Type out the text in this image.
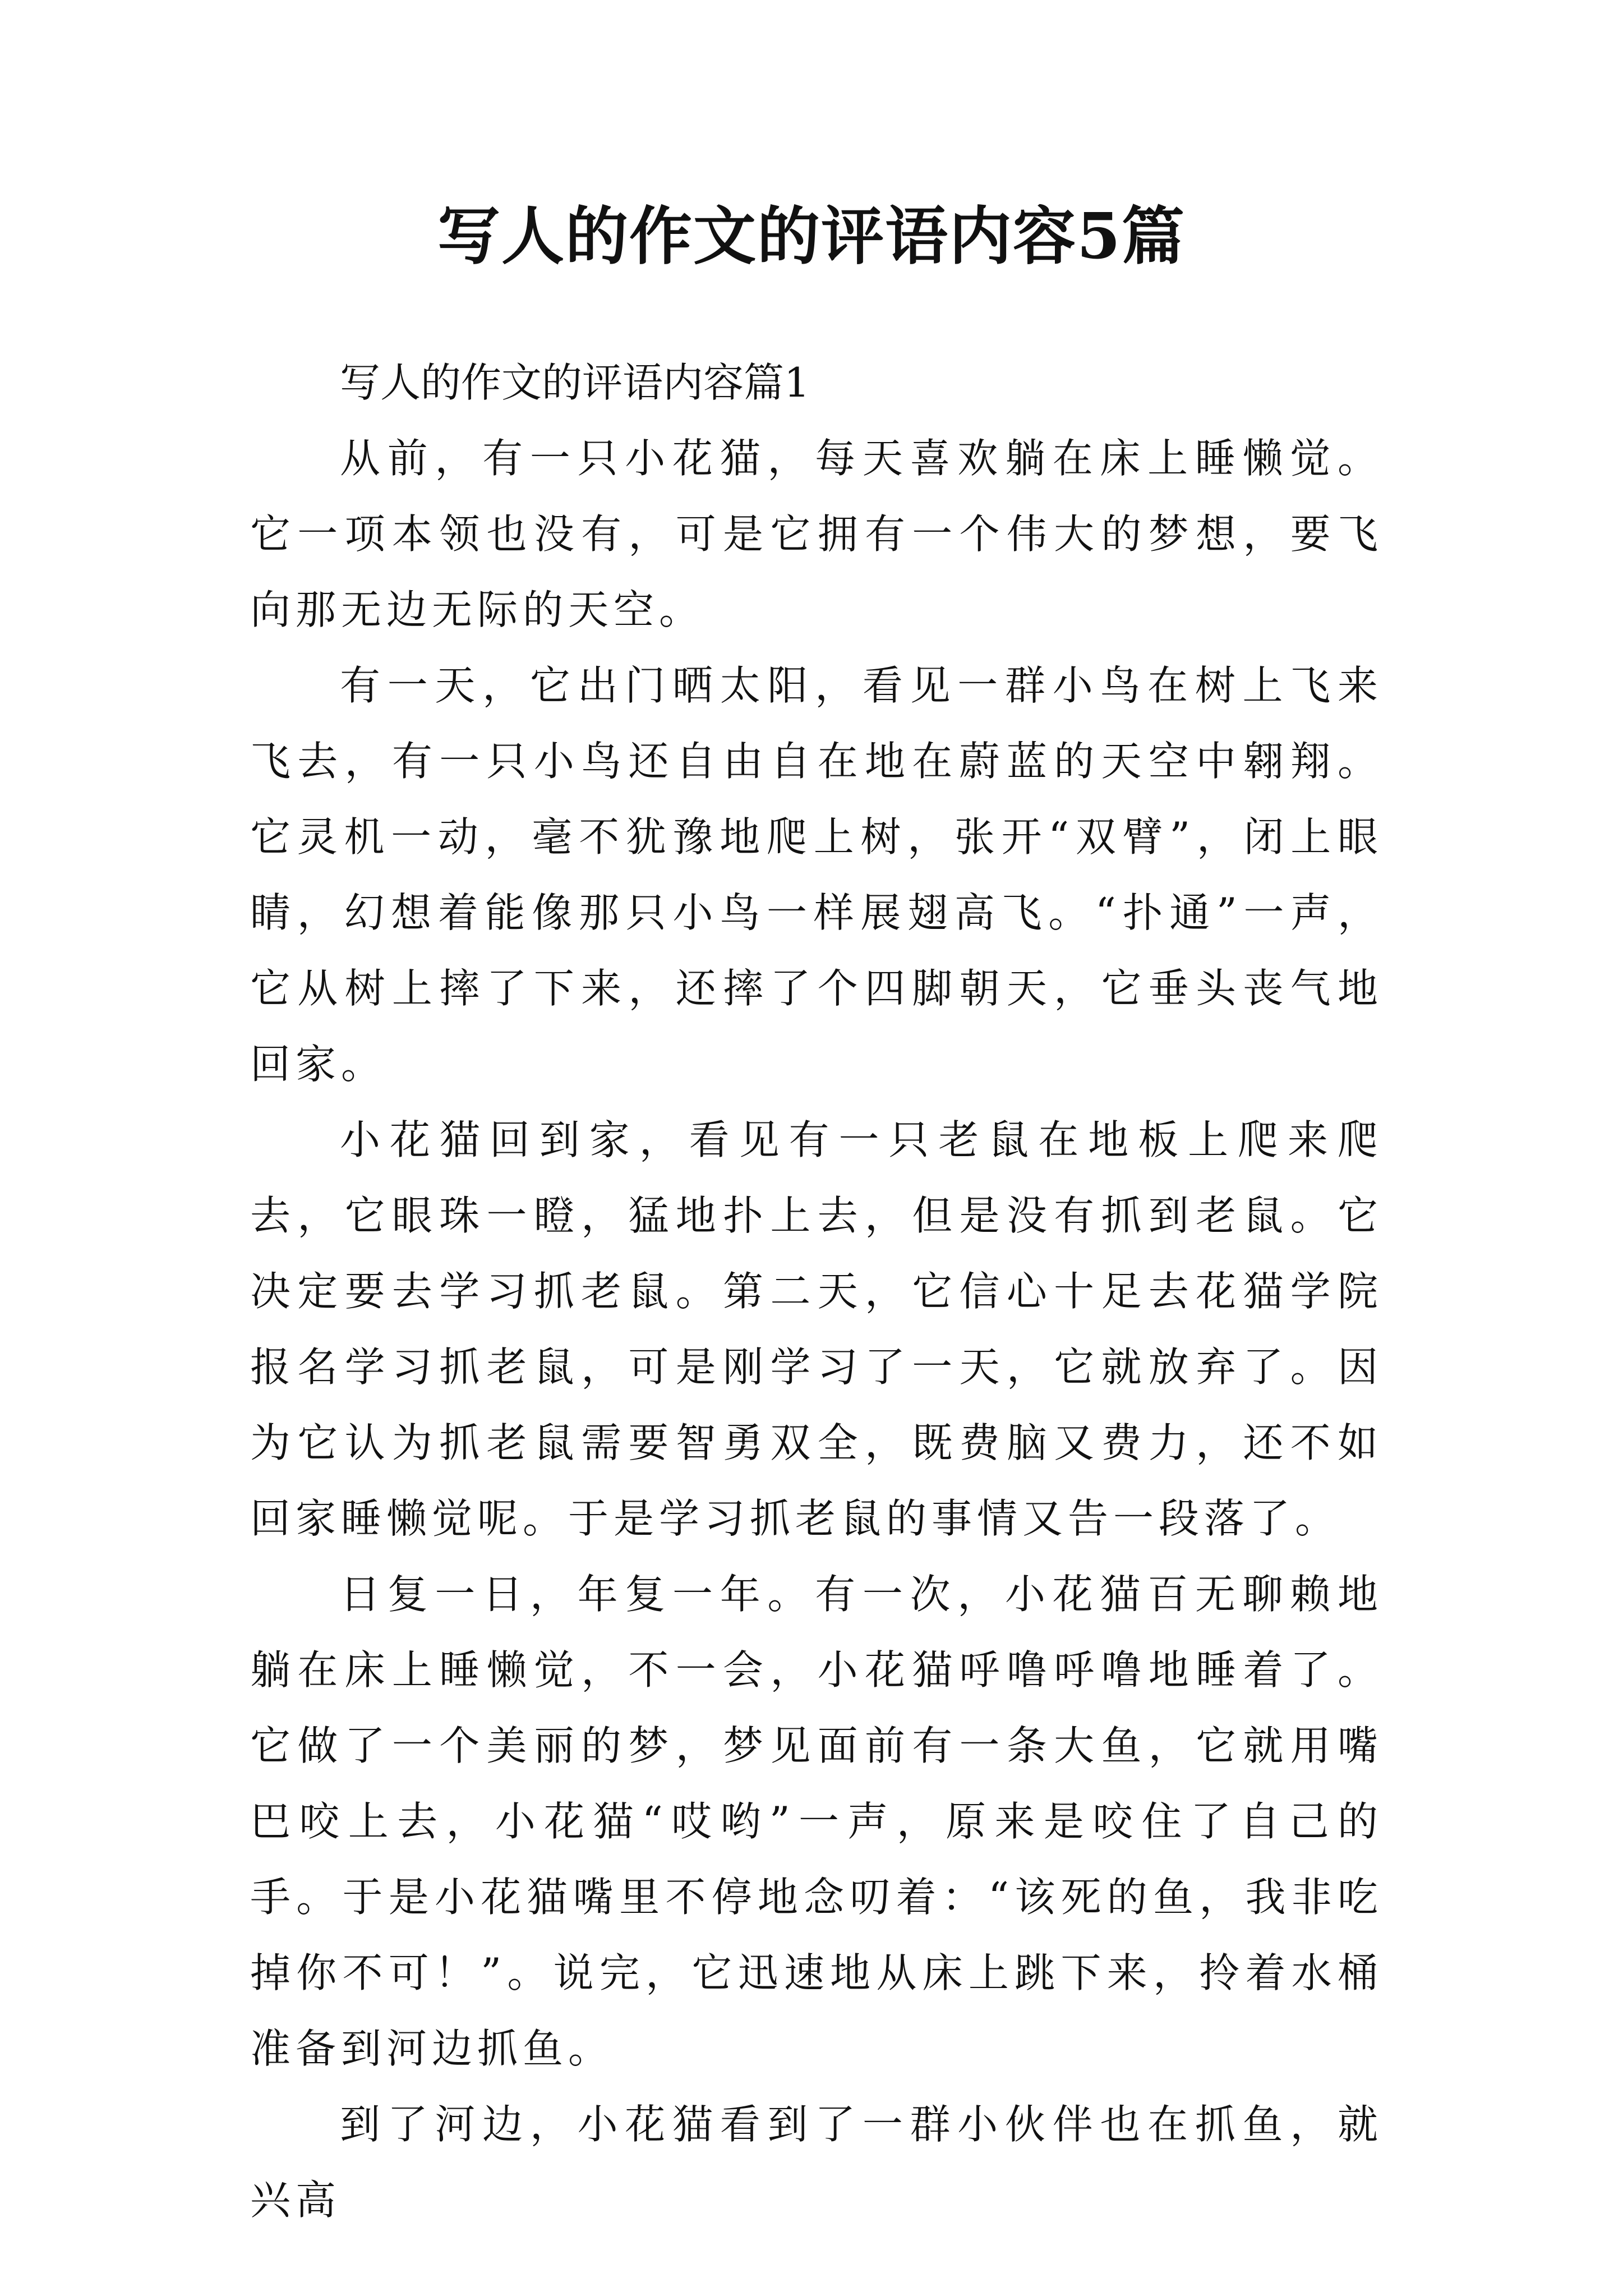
写人的作文的评语内容5篇
写人的作文的评语内容篇1

从前，有一只小花猫，每天喜欢躺在床上睡懒觉。它一项本领也没有，可是它拥有一个伟大的梦想，要飞向那无边无际的天空。

有一天，它出门晒太阳，看见一群小鸟在树上飞来飞去，有一只小鸟还自由自在地在蔚蓝的天空中翱翔。它灵机一动，毫不犹豫地爬上树，张开“双臂”，闭上眼睛，幻想着能像那只小鸟一样展翅高飞。“扑通”一声，它从树上摔了下来，还摔了个四脚朝天，它垂头丧气地回家。

小花猫回到家，看见有一只老鼠在地板上爬来爬去，它眼珠一瞪，猛地扑上去，但是没有抓到老鼠。它决定要去学习抓老鼠。第二天，它信心十足去花猫学院报名学习抓老鼠，可是刚学习了一天，它就放弃了。因为它认为抓老鼠需要智勇双全，既费脑又费力，还不如回家睡懒觉呢。于是学习抓老鼠的事情又告一段落了。

日复一日，年复一年。有一次，小花猫百无聊赖地躺在床上睡懒觉，不一会，小花猫呼噜呼噜地睡着了。它做了一个美丽的梦，梦见面前有一条大鱼，它就用嘴巴咬上去，小花猫“哎哟”一声，原来是咬住了自己的手。于是小花猫嘴里不停地念叨着：“该死的鱼，我非吃掉你不可！”。说完，它迅速地从床上跳下来，拎着水桶准备到河边抓鱼。

到了河边，小花猫看到了一群小伙伴也在抓鱼，就兴高
